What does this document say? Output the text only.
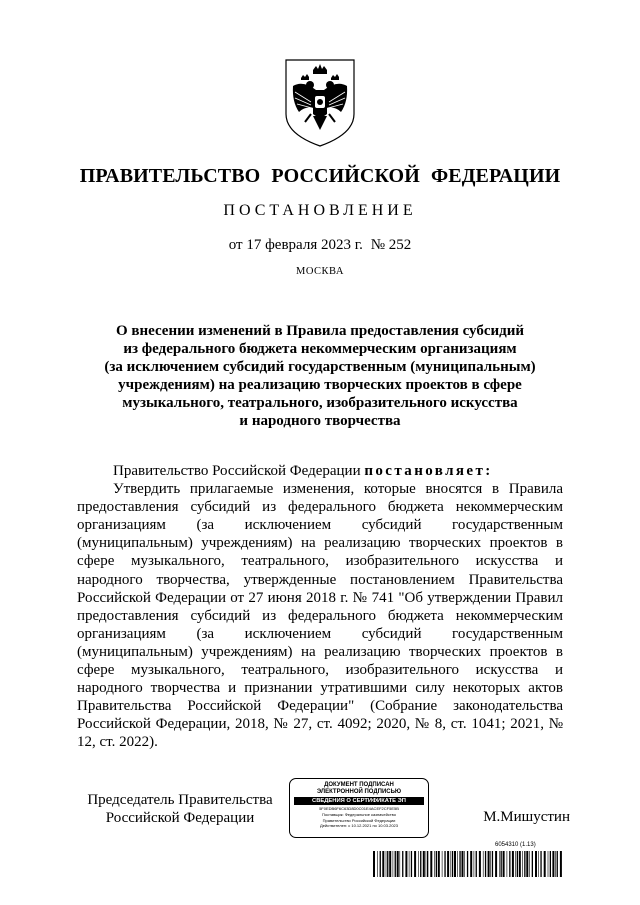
ПРАВИТЕЛЬСТВО РОССИЙСКОЙ ФЕДЕРАЦИИ
ПОСТАНОВЛЕНИЕ
от 17 февраля 2023 г. № 252
МОСКВА
О внесении изменений в Правила предоставления субсидий
из федерального бюджета некоммерческим организациям
(за исключением субсидий государственным (муниципальным)
учреждениям) на реализацию творческих проектов в сфере
музыкального, театрального, изобразительного искусства
и народного творчества
Правительство Российской Федерации постановляет:
Утвердить прилагаемые изменения, которые вносятся в Правила предоставления субсидий из федерального бюджета некоммерческим организациям (за исключением субсидий государственным (муниципальным) учреждениям) на реализацию творческих проектов в сфере музыкального, театрального, изобразительного искусства и народного творчества, утвержденные постановлением Правительства Российской Федерации от 27 июня 2018 г. № 741 "Об утверждении Правил предоставления субсидий из федерального бюджета некоммерческим организациям (за исключением субсидий государственным (муниципальным) учреждениям) на реализацию творческих проектов в сфере музыкального, театрального, изобразительного искусства и народного творчества и признании утратившими силу некоторых актов Правительства Российской Федерации" (Собрание законодательства Российской Федерации, 2018, № 27, ст. 4092; 2020, № 8, ст. 1041; 2021, № 12, ст. 2022).
Председатель Правительства
Российской Федерации
ДОКУМЕНТ ПОДПИСАН
ЭЛЕКТРОННОЙ ПОДПИСЬЮ
СВЕДЕНИЯ О СЕРТИФИКАТЕ ЭП
5F0EDB6F6C63D8D0C01E4ACEF2CF5E5B
Поставщик: Федеральное казначейство
Правительство Российской Федерации
Действителен: с 10.12.2021 по 10.03.2023
М.Мишустин
6054310 (1.13)
